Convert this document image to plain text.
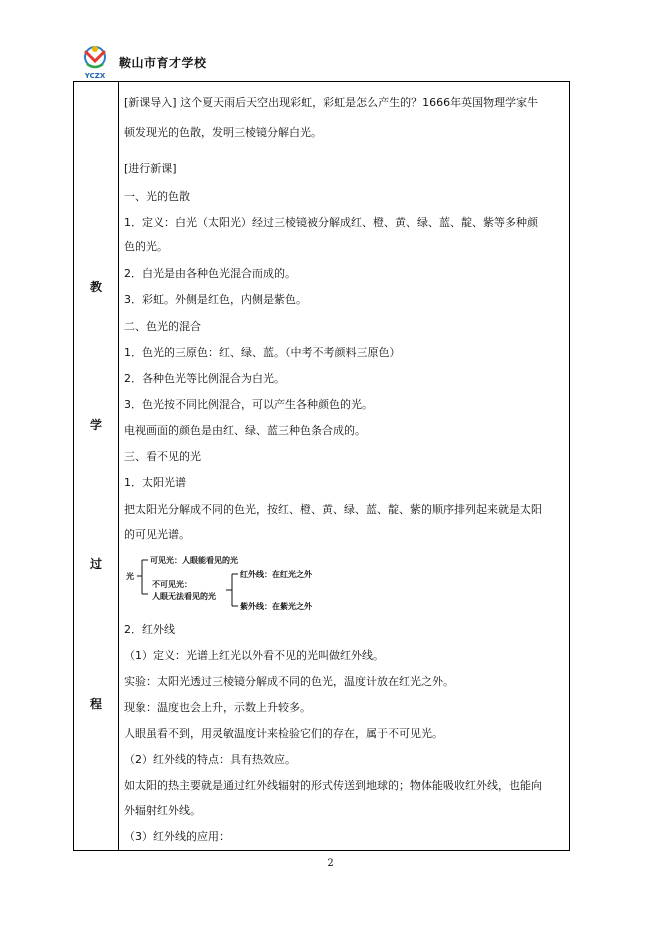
YCZX
鞍山市育才学校
教
学
过
程
[新课导入] 这个夏天雨后天空出现彩虹，彩虹是怎么产生的？1666年英国物理学家牛
顿发现光的色散，发明三棱镜分解白光。
[进行新课]
一、光的色散
1．定义：白光（太阳光）经过三棱镜被分解成红、橙、黄、绿、蓝、靛、紫等多种颜
色的光。
2．白光是由各种色光混合而成的。
3．彩虹。外侧是红色，内侧是紫色。
二、色光的混合
1．色光的三原色：红、绿、蓝。（中考不考颜料三原色）
2．各种色光等比例混合为白光。
3．色光按不同比例混合，可以产生各种颜色的光。
电视画面的颜色是由红、绿、蓝三种色条合成的。
三、看不见的光
1．太阳光谱
把太阳光分解成不同的色光，按红、橙、黄、绿、蓝、靛、紫的顺序排列起来就是太阳
的可见光谱。
2．红外线
（1）定义：光谱上红光以外看不见的光叫做红外线。
实验：太阳光透过三棱镜分解成不同的色光，温度计放在红光之外。
现象：温度也会上升，示数上升较多。
人眼虽看不到，用灵敏温度计来检验它们的存在，属于不可见光。
（2）红外线的特点：具有热效应。
如太阳的热主要就是通过红外线辐射的形式传送到地球的；物体能吸收红外线，也能向
外辐射红外线。
（3）红外线的应用：
光
可见光：人眼能看见的光
不可见光：
人眼无法看见的光
红外线：在红光之外
紫外线：在紫光之外
2
